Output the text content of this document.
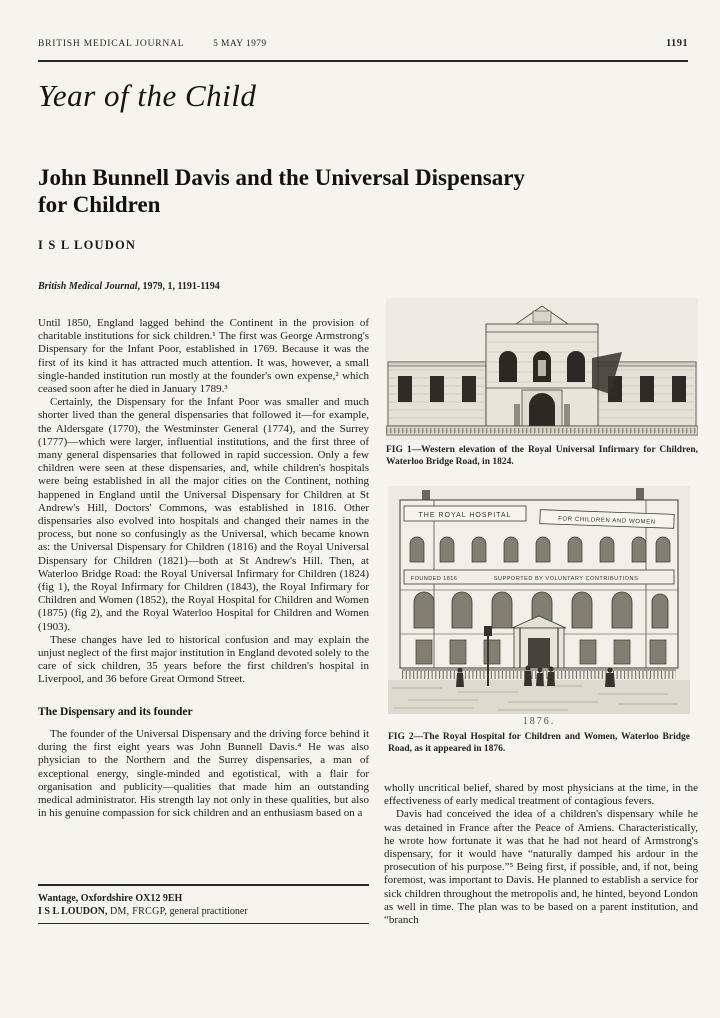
BRITISH MEDICAL JOURNAL	5 MAY 1979	1191
Year of the Child
John Bunnell Davis and the Universal Dispensary
for Children
I S L LOUDON
British Medical Journal, 1979, 1, 1191-1194

Until 1850, England lagged behind the Continent in the provision of charitable institutions for sick children.¹ The first was George Armstrong's Dispensary for the Infant Poor, established in 1769. Because it was the first of its kind it has attracted much attention. It was, however, a small single-handed institution run mostly at the founder's own expense,² which ceased soon after he died in January 1789.³

Certainly, the Dispensary for the Infant Poor was smaller and much shorter lived than the general dispensaries that followed it—for example, the Aldersgate (1770), the Westminster General (1774), and the Surrey (1777)—which were larger, influential institutions, and the first three of many general dispensaries that followed in rapid succession. Only a few children were seen at these dispensaries, and, while children's hospitals were being established in all the major cities on the Continent, nothing happened in England until the Universal Dispensary for Children at St Andrew's Hill, Doctors' Commons, was established in 1816. Other dispensaries also evolved into hospitals and changed their names in the process, but none so confusingly as the Universal, which became known as: the Universal Dispensary for Children (1816) and the Royal Universal Dispensary for Children (1821)—both at St Andrew's Hill. Then, at Waterloo Bridge Road: the Royal Universal Infirmary for Children (1824) (fig 1), the Royal Infirmary for Children (1843), the Royal Infirmary for Children and Women (1852), the Royal Hospital for Children and Women (1875) (fig 2), and the Royal Waterloo Hospital for Children and Women (1903).

These changes have led to historical confusion and may explain the unjust neglect of the first major institution in England devoted solely to the care of sick children, 35 years before the first children's hospital in Liverpool, and 36 before Great Ormond Street.

The Dispensary and its founder

The founder of the Universal Dispensary and the driving force behind it during the first eight years was John Bunnell Davis.⁴ He was also physician to the Northern and the Surrey dispensaries, a man of exceptional energy, single-minded and egotistical, with a flair for organisation and publicity—qualities that made him an outstanding medical administrator. His strength lay not only in these qualities, but also in his genuine compassion for sick children and an enthusiasm based on a

FIG 1—Western elevation of the Royal Universal Infirmary for Children, Waterloo Bridge Road, in 1824.
THE ROYAL HOSPITAL
FOR CHILDREN AND WOMEN
FOUNDED 1816	SUPPORTED BY VOLUNTARY CONTRIBUTIONS
1876.
FIG 2—The Royal Hospital for Children and Women, Waterloo Bridge Road, as it appeared in 1876.

wholly uncritical belief, shared by most physicians at the time, in the effectiveness of early medical treatment of contagious fevers.

Davis had conceived the idea of a children's dispensary while he was detained in France after the Peace of Amiens. Characteristically, he wrote how fortunate it was that he had not heard of Armstrong's dispensary, for it would have “naturally damped his ardour in the prosecution of his purpose.”⁵ Being first, if possible, and, if not, being foremost, was important to Davis. He planned to establish a service for sick children throughout the metropolis and, he hinted, beyond London as well in time. The plan was to be based on a parent institution, and “branch

Wantage, Oxfordshire OX12 9EH
I S L LOUDON, DM, FRCGP, general practitioner
